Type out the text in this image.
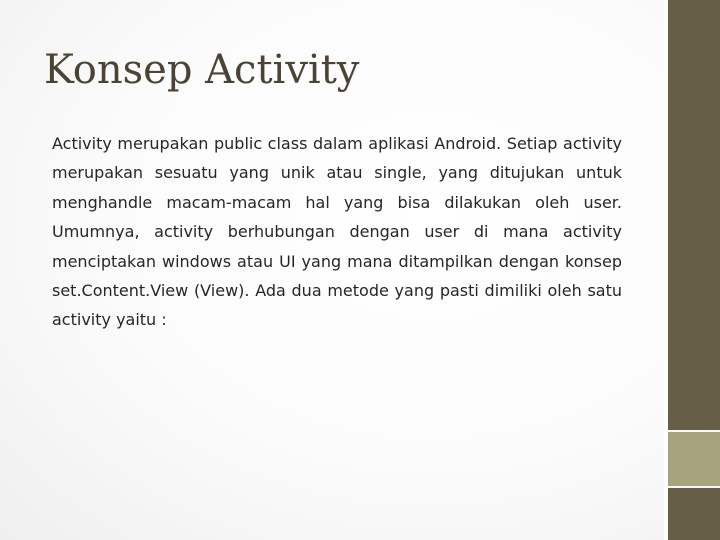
Konsep Activity

Activity merupakan public class dalam aplikasi Android. Setiap activity merupakan sesuatu yang unik atau single, yang ditujukan untuk menghandle macam-macam hal yang bisa dilakukan oleh user. Umumnya, activity berhubungan dengan user di mana activity menciptakan windows atau UI yang mana ditampilkan dengan konsep set.Content.View (View). Ada dua metode yang pasti dimiliki oleh satu activity yaitu :
